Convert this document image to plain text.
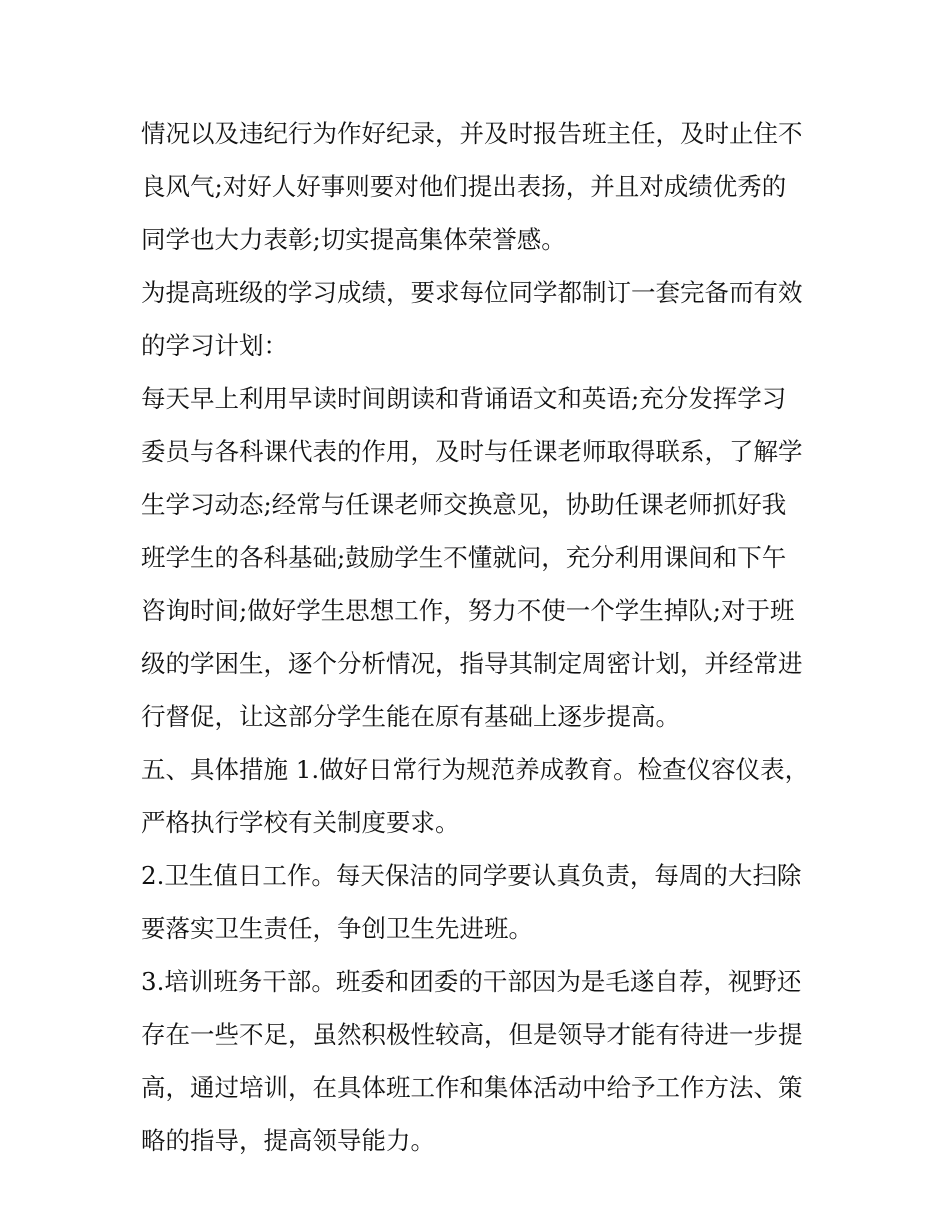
情况以及违纪行为作好纪录，并及时报告班主任，及时止住不
良风气;对好人好事则要对他们提出表扬，并且对成绩优秀的
同学也大力表彰;切实提高集体荣誉感。
为提高班级的学习成绩，要求每位同学都制订一套完备而有效
的学习计划：
每天早上利用早读时间朗读和背诵语文和英语;充分发挥学习
委员与各科课代表的作用，及时与任课老师取得联系，了解学
生学习动态;经常与任课老师交换意见，协助任课老师抓好我
班学生的各科基础;鼓励学生不懂就问，充分利用课间和下午
咨询时间;做好学生思想工作，努力不使一个学生掉队;对于班
级的学困生，逐个分析情况，指导其制定周密计划，并经常进
行督促，让这部分学生能在原有基础上逐步提高。
五、具体措施 1.做好日常行为规范养成教育。检查仪容仪表，
严格执行学校有关制度要求。
2.卫生值日工作。每天保洁的同学要认真负责，每周的大扫除
要落实卫生责任，争创卫生先进班。
3.培训班务干部。班委和团委的干部因为是毛遂自荐，视野还
存在一些不足，虽然积极性较高，但是领导才能有待进一步提
高，通过培训，在具体班工作和集体活动中给予工作方法、策
略的指导，提高领导能力。
